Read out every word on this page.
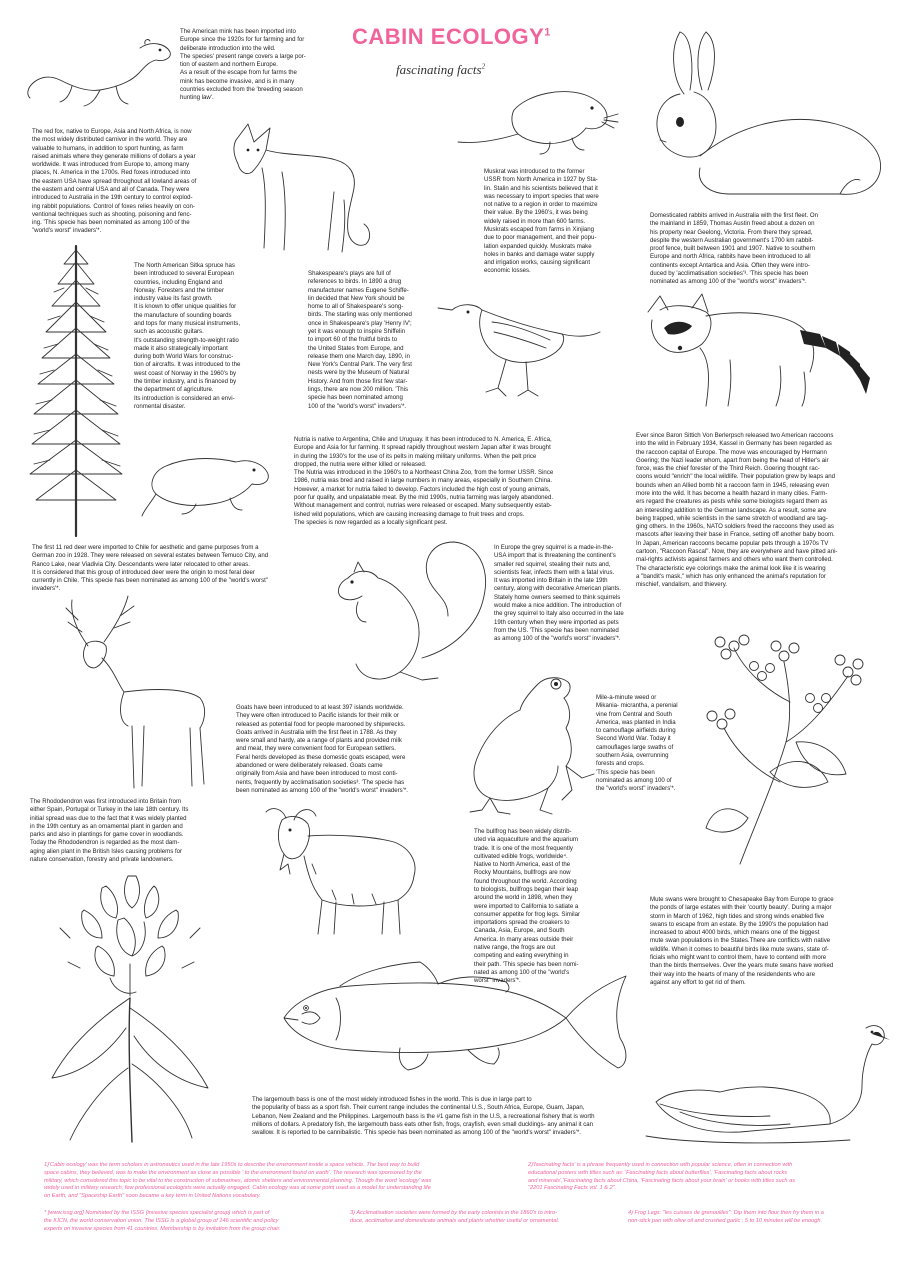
CABIN ECOLOGY$^1$
fascinating facts$^2$

The American mink has been imported into
Europe since the 1920s for fur farming and for
deliberate introduction into the wild.
The species' present range covers a large por-
tion of eastern and northern Europe.
As a result of the escape from fur farms the
mink has become invasive, and is in many
countries excluded from the 'breeding season
hunting law'.

The red fox, native to Europe, Asia and North Africa, is now
the most widely distributed carnivor in the world. They are
valuable to humans, in addition to sport hunting, as farm
raised animals where they generate millions of dollars a year
worldwide. It was introduced from Europe to, among many
places, N. America in the 1700s. Red foxes introduced into
the eastern USA have spread throughout all lowland areas of
the eastern and central USA and all of Canada. They were
introduced to Australia in the 19th century to control explod-
ing rabbit populations. Control of foxes relies heavily on con-
ventional techniques such as shooting, poisoning and fenc-
ing. 'This specie has been nominated as among 100 of the
"world's worst" invaders'*.

Muskrat was introduced to the former
USSR from North America in 1927 by Sta-
lin. Stalin and his scientists believed that it
was necessary to import species that were
not native to a region in order to maximize
their value. By the 1960's, it was being
widely raised in more than 600 farms.
Muskrats escaped from farms in Xinjiang
due to poor management, and their popu-
lation expanded quickly. Muskrats make
holes in banks and damage water supply
and irrigation works, causing significant
economic losses.

Domesticated rabbits arrived in Australia with the first fleet. On
the mainland in 1859, Thomas Austin freed about a dozen on
his property near Geelong, Victoria. From there they spread,
despite the western Australian government's 1700 km rabbit-
proof fence, built between 1901 and 1907. Native to southern
Europe and north Africa, rabbits have been introduced to all
continents except Antartica and Asia. Often they were intro-
duced by 'acclimatisation societies'³. 'This specie has been
nominated as among 100 of the "world's worst" invaders'*.

The North American Sitka spruce has
been introduced to several European
countries, including England and
Norway. Foresters and the timber
industry value its fast growth.
It is known to offer unique qualities for
the manufacture of sounding boards
and tops for many musical instruments,
such as accoustic guitars.
It's outstanding strength-to-weight ratio
made it also strategically important
during both World Wars for construc-
tion of aircrafts. It was introduced to the
west coast of Norway in the 1960's by
the timber industry, and is financed by
the department of agriculture.
Its introduction is considered an envi-
ronmental disaster.

Shakespeare's plays are full of
references to birds. In 1890 a drug
manufacturer names Eugene Schiffe-
lin decided that New York should be
home to all of Shakespeare's song-
birds. The starling was only mentioned
once in Shakespeare's play 'Henry IV';
yet it was enough to inspire Shiffelin
to import 60 of the fruitful birds to
the United States from Europe, and
release them one March day, 1890, in
New York's Central Park. The very first
nests were by the Museum of Natural
History. And from those first few star-
lings, there are now 200 million. 'This
specie has been nominated among
100 of the "world's worst" invaders'*.

Nutria is native to Argentina, Chile and Uruguay. It has been introduced to N. America, E. Africa,
Europe and Asia for fur farming. It spread rapidly throughout western Japan after it was brought
in during the 1930's for the use of its pelts in making military uniforms. When the pelt price
dropped, the nutria were either killed or released.
The Nutria was introduced in the 1960's to a Northeast China Zoo, from the former USSR. Since
1986, nutria was bred and raised in large numbers in many areas, especially in Southern China.
However, a market for nutria failed to develop. Factors included the high cost of young animals,
poor fur quality, and unpalatable meat. By the mid 1990s, nutria farming was largely abandoned.
Without management and control, nutrias were released or escaped. Many subsequently estab-
lished wild populations, which are causing increasing damage to fruit trees and crops.
The species is now regarded as a locally significant pest.

Ever since Baron Sittich Von Berlerpsch released two American raccoons
into the wild in February 1934, Kassel in Germany has been regarded as
the raccoon capital of Europe. The move was encouraged by Hermann
Goering; the Nazi leader whom, apart from being the head of Hitler's air
force, was the chief forester of the Third Reich. Goering thought rac-
coons would "enrich" the local wildlife. Their population grew by leaps and
bounds when an Allied bomb hit a raccoon farm in 1945, releasing even
more into the wild. It has become a health hazard in many cities. Farm-
ers regard the creatures as pests while some biologists regard them as
an interesting addition to the German landscape. As a result, some are
being trapped, while scientists in the same stretch of woodland are tag-
ging others. In the 1960s, NATO soldiers freed the raccoons they used as
mascots after leaving their base in France, setting off another baby boom.
In Japan, American raccoons became popular pets through a 1970s TV
cartoon, "Raccoon Rascal". Now, they are everywhere and have pitted ani-
mal-rights activists against farmers and others who want them controlled.
The characteristic eye colorings make the animal look like it is wearing
a "bandit's mask," which has only enhanced the animal's reputation for
mischief, vandalism, and thievery.

The first 11 red deer were imported to Chile for aesthetic and game purposes from a
German zoo in 1928. They were released on several estates between Temuco City, and
Ranco Lake, near Viadivia City. Descendants were later relocated to other areas.
It is considered that this group of introduced deer were the origin to most feral deer
currently in Chile. 'This specie has been nominated as among 100 of the "world's worst"
invaders'*.

In Europe the grey squirrel is a made-in-the-
USA import that is threatening the continent's
smaller red squirrel, stealing their nuts and,
scientists fear, infects them with a fatal virus.
It was imported into Britain in the late 19th
century, along with decorative American plants.
Stately home owners seemed to think squirrels
would make a nice addition. The introduction of
the grey squirrel to Italy also occurred in the late
19th century when they were imported as pets
from the US. 'This specie has been nominated
as among 100 of the "world's worst" invaders'*.

Mile-a-minute weed or
Mikania- micrantha, a perenial
vine from Central and South
America, was planted in India
to camouflage airfields during
Second World War. Today it
camouflages large swaths of
southern Asia, overrunning
forests and crops.
'This specie has been
nominated as among 100 of
the "world's worst" invaders'*.

Goats have been introduced to at least 397 islands worldwide.
They were often introduced to Pacific islands for their milk or
released as potential food for people marooned by shipwrecks.
Goats arrived in Australia with the first fleet in 1788. As they
were small and hardy, ate a range of plants and provided milk
and meat, they were convenient food for European settlers.
Feral herds developed as these domestic goats escaped, were
abandoned or were deliberately released. Goats came
originally from Asia and have been introduced to most conti-
nents, frequently by acclimatisation societies³. 'The specie has
been nominated as among 100 of the "world's worst" invaders'*.

The Rhododendron was first introduced into Britain from
either Spain, Portugal or Turkey in the late 18th century. Its
initial spread was due to the fact that it was widely planted
in the 19th century as an ornamental plant in garden and
parks and also in plantings for game cover in woodlands.
Today the Rhododendron is regarded as the most dam-
aging alien plant in the British Isles causing problems for
nature conservation, forestry and private landowners.

The bullfrog has been widely distrib-
uted via aquaculture and the aquarium
trade. It is one of the most frequently
cultivated edible frogs, worldwide⁴.
Native to North America, east of the
Rocky Mountains, bullfrogs are now
found throughout the world. According
to biologists, bullfrogs began their leap
around the world in 1898, when they
were imported to California to satiate a
consumer appetite for frog legs. Similar
importations spread the croakers to
Canada, Asia, Europe, and South
America. In many areas outside their
native range, the frogs are out
competing and eating everything in
their path. 'This specie has been nomi-
nated as among 100 of the "world's
worst" invaders'*.

Mute swans were brought to Chesapeake Bay from Europe to grace
the ponds of large estates with their 'courtly beauty'. During a major
storm in March of 1962, high tides and strong winds enabled five
swans to escape from an estate. By the 1990's the population had
increased to about 4000 birds, which means one of the biggest
mute swan populations in the States.There are conflicts with native
wildlife. When it comes to beautiful birds like mute swans, state of-
ficials who might want to control them, have to contend with more
than the birds themselves. Over the years mute swans have worked
their way into the hearts of many of the residendents who are
against any effort to get rid of them.

The largemouth bass is one of the most widely introduced fishes in the world. This is due in large part to
the popularity of bass as a sport fish. Their current range includes the continental U.S., South Africa, Europe, Guam, Japan,
Lebanon, New Zealand and the Philippines. Largemouth bass is the #1 game fish in the U.S, a recreational fishery that is worth
millions of dollars. A predatory fish, the largemouth bass eats other fish, frogs, crayfish, even small ducklings- any animal it can
swallow. It is reported to be cannibalistic. 'This specie has been nominated as among 100 of the "world's worst" invaders'*.

1)'Cabin ecology' was the term scholars in astronautics used in the late 1950s to describe the environment inside a space vehicle. The best way to build
space cabins, they believed, was to make the environment as close as possible ' to the environment found on earth'. The research was sponsored by the
military, which considered this topic to be vital to the construction of submarines, atomic shelters and environmental planning. Though the word 'ecology' was
widely used in military research, few professional ecologists were actually engaged. Cabin ecology was at some point used as a model for understanding life
on Earth, and "Spaceship Earth" soon became a key term in United Nations vocabulary.

2)'fascinating facts' is a phrase frequently used in connection with popular science, often in connection with
educational posters with titles such as: 'Fascinating facts about butterflies', 'Fascinating facts about rocks
and minerals','Fascinating facts about China, 'Fascinating facts about your brain' or books with titles such as
"2201 Fascinating Facts vol. 1 & 2".

* [www.issg.org] Nominated by the ISSG (invasive species specialist group) which is part of
the IUCN, the world conservation union. The ISSG is a global group of 146 scientific and policy
experts on invasive species from 41 countries. Membership is by invitation from the group chair.

3) Acclimatisation societies were formed by the early colonists in the 1860's to intro-
duce, acclimatise and domesticate animals and plants whether useful or ornamental.

4) Frog Legs: "les cuisses de grenouilles": Dip them into flour then fry them in a
non-stick pan with olive oil and crushed garlic ; 5 to 10 minutes will be enough.
